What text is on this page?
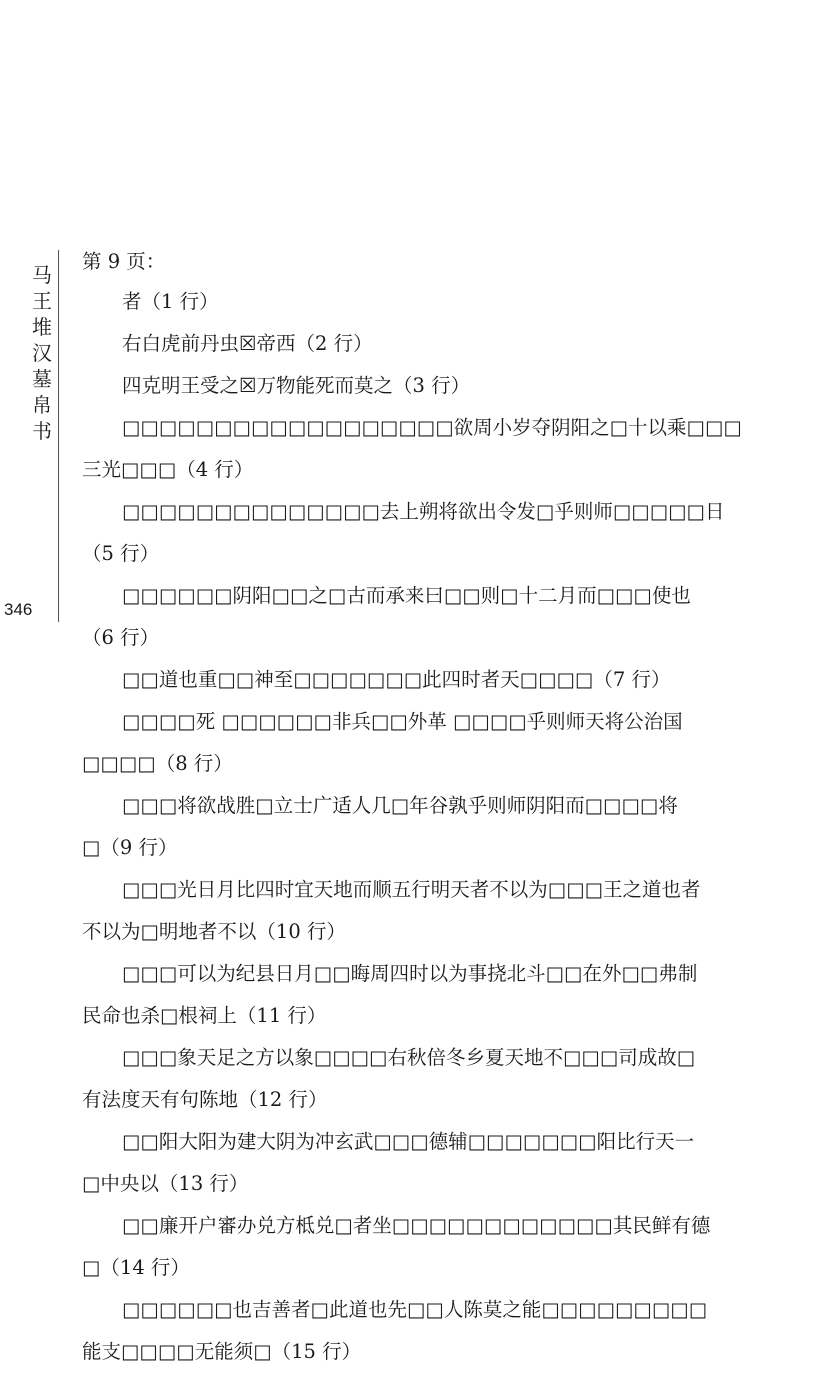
马王堆汉墓帛书
346
第 9 页：
者（1 行）
右白虎前丹虫☒帝西（2 行）
四克明王受之☒万物能死而莫之（3 行）
□□□□□□□□□□□□□□□□□□欲周小岁夺阴阳之□十以乘□□□
三光□□□（4 行）
□□□□□□□□□□□□□□去上朔将欲出令发□乎则师□□□□□日
（5 行）
□□□□□□阴阳□□之□古而承来曰□□则□十二月而□□□使也
（6 行）
□□道也重□□神至□□□□□□□此四时者天□□□□（7 行）
□□□□死 □□□□□□非兵□□外革 □□□□乎则师天将公治国
□□□□（8 行）
□□□将欲战胜□立士广适人几□年谷孰乎则师阴阳而□□□□将
□（9 行）
□□□光日月比四时宜天地而顺五行明天者不以为□□□王之道也者
不以为□明地者不以（10 行）
□□□可以为纪县日月□□晦周四时以为事挠北斗□□在外□□弗制
民命也杀□根祠上（11 行）
□□□象天足之方以象□□□□右秋倍冬乡夏天地不□□□司成故□
有法度天有句陈地（12 行）
□□阳大阳为建大阴为冲玄武□□□德辅□□□□□□□阳比行天一
□中央以（13 行）
□□廉开户審办兑方柢兑□者坐□□□□□□□□□□□□其民鲜有德
□（14 行）
□□□□□□也吉善者□此道也先□□人陈莫之能□□□□□□□□□
能支□□□□无能须□（15 行）
